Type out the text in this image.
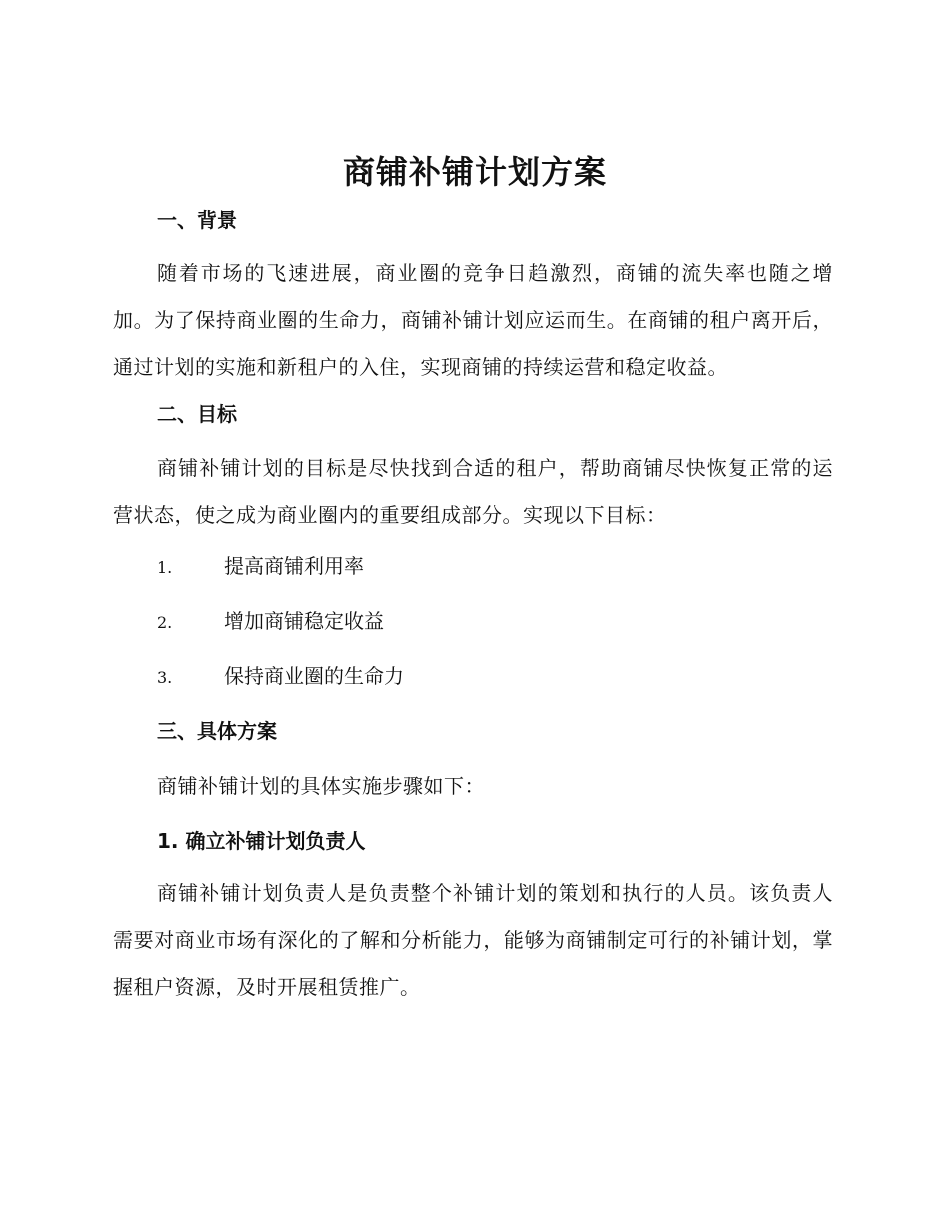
商铺补铺计划方案
一、背景

随着市场的飞速进展，商业圈的竞争日趋激烈，商铺的流失率也随之增加。为了保持商业圈的生命力，商铺补铺计划应运而生。在商铺的租户离开后，通过计划的实施和新租户的入住，实现商铺的持续运营和稳定收益。

二、目标

商铺补铺计划的目标是尽快找到合适的租户，帮助商铺尽快恢复正常的运营状态，使之成为商业圈内的重要组成部分。实现以下目标：

1.	提高商铺利用率
2.	增加商铺稳定收益
3.	保持商业圈的生命力
三、具体方案

商铺补铺计划的具体实施步骤如下：

1. 确立补铺计划负责人

商铺补铺计划负责人是负责整个补铺计划的策划和执行的人员。该负责人需要对商业市场有深化的了解和分析能力，能够为商铺制定可行的补铺计划，掌握租户资源，及时开展租赁推广。
